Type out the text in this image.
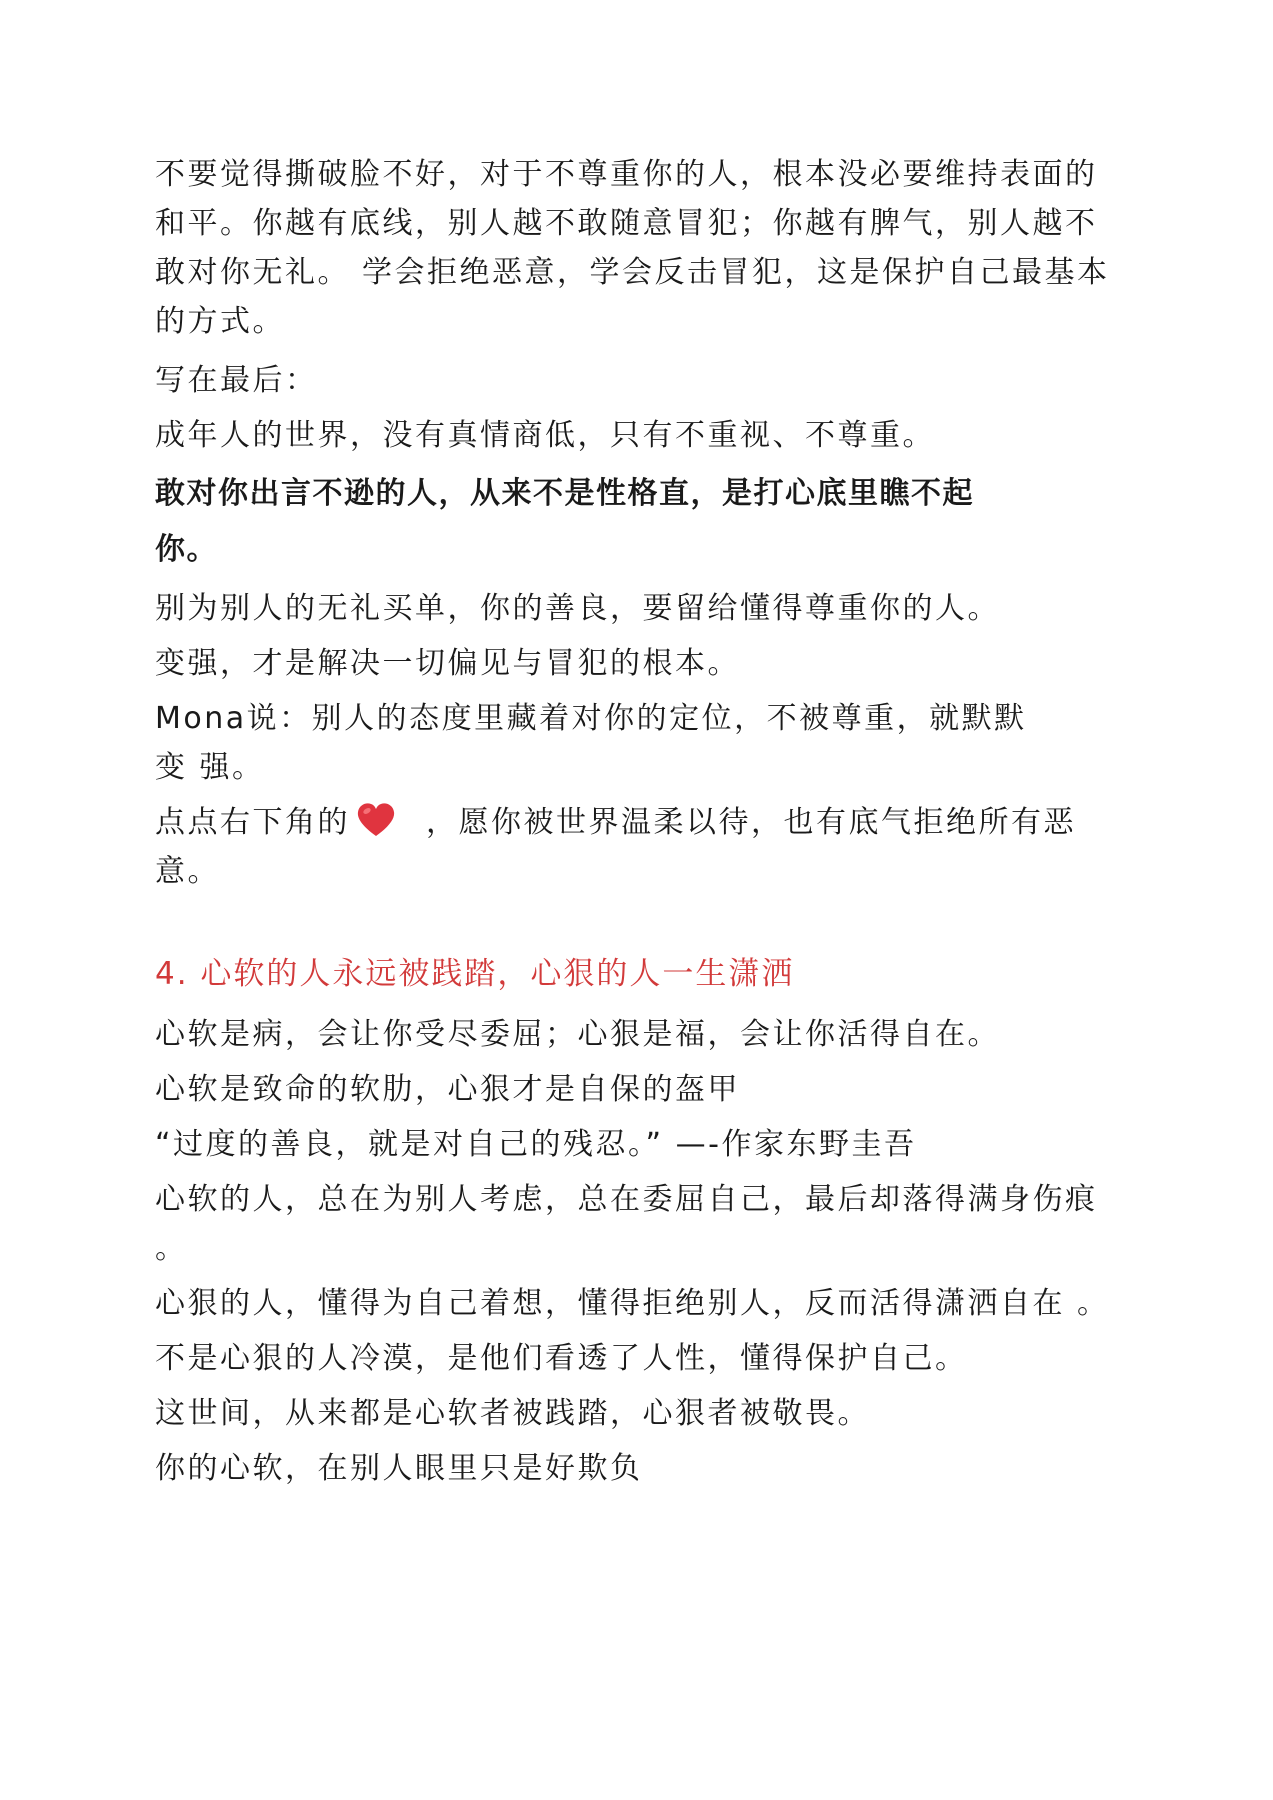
不要觉得撕破脸不好，对于不尊重你的人，根本没必要维持表面的和平。你越有底线，别人越不敢随意冒犯；你越有脾气，别人越不敢对你无礼。 学会拒绝恶意，学会反击冒犯，这是保护自己最基本的方式。

写在最后：

成年人的世界，没有真情商低，只有不重视、不尊重。

敢对你出言不逊的人，从来不是性格直，是打心底里瞧不起
你。

别为别人的无礼买单，你的善良，要留给懂得尊重你的人。

变强，才是解决一切偏见与冒犯的根本。

Mona说：别人的态度里藏着对你的定位，不被尊重，就默默
变 强。

点点右下角的	，愿你被世界温柔以待，也有底气拒绝所有恶意。

4. 心软的人永远被践踏，心狠的人一生潇洒

心软是病，会让你受尽委屈；心狠是福，会让你活得自在。

心软是致命的软肋，心狠才是自保的盔甲

“过度的善良，就是对自己的残忍。” —-作家东野圭吾

心软的人，总在为别人考虑，总在委屈自己，最后却落得满身伤痕 。

心狠的人，懂得为自己着想，懂得拒绝别人，反而活得潇洒自在 。

不是心狠的人冷漠，是他们看透了人性，懂得保护自己。

这世间，从来都是心软者被践踏，心狠者被敬畏。

你的心软，在别人眼里只是好欺负
